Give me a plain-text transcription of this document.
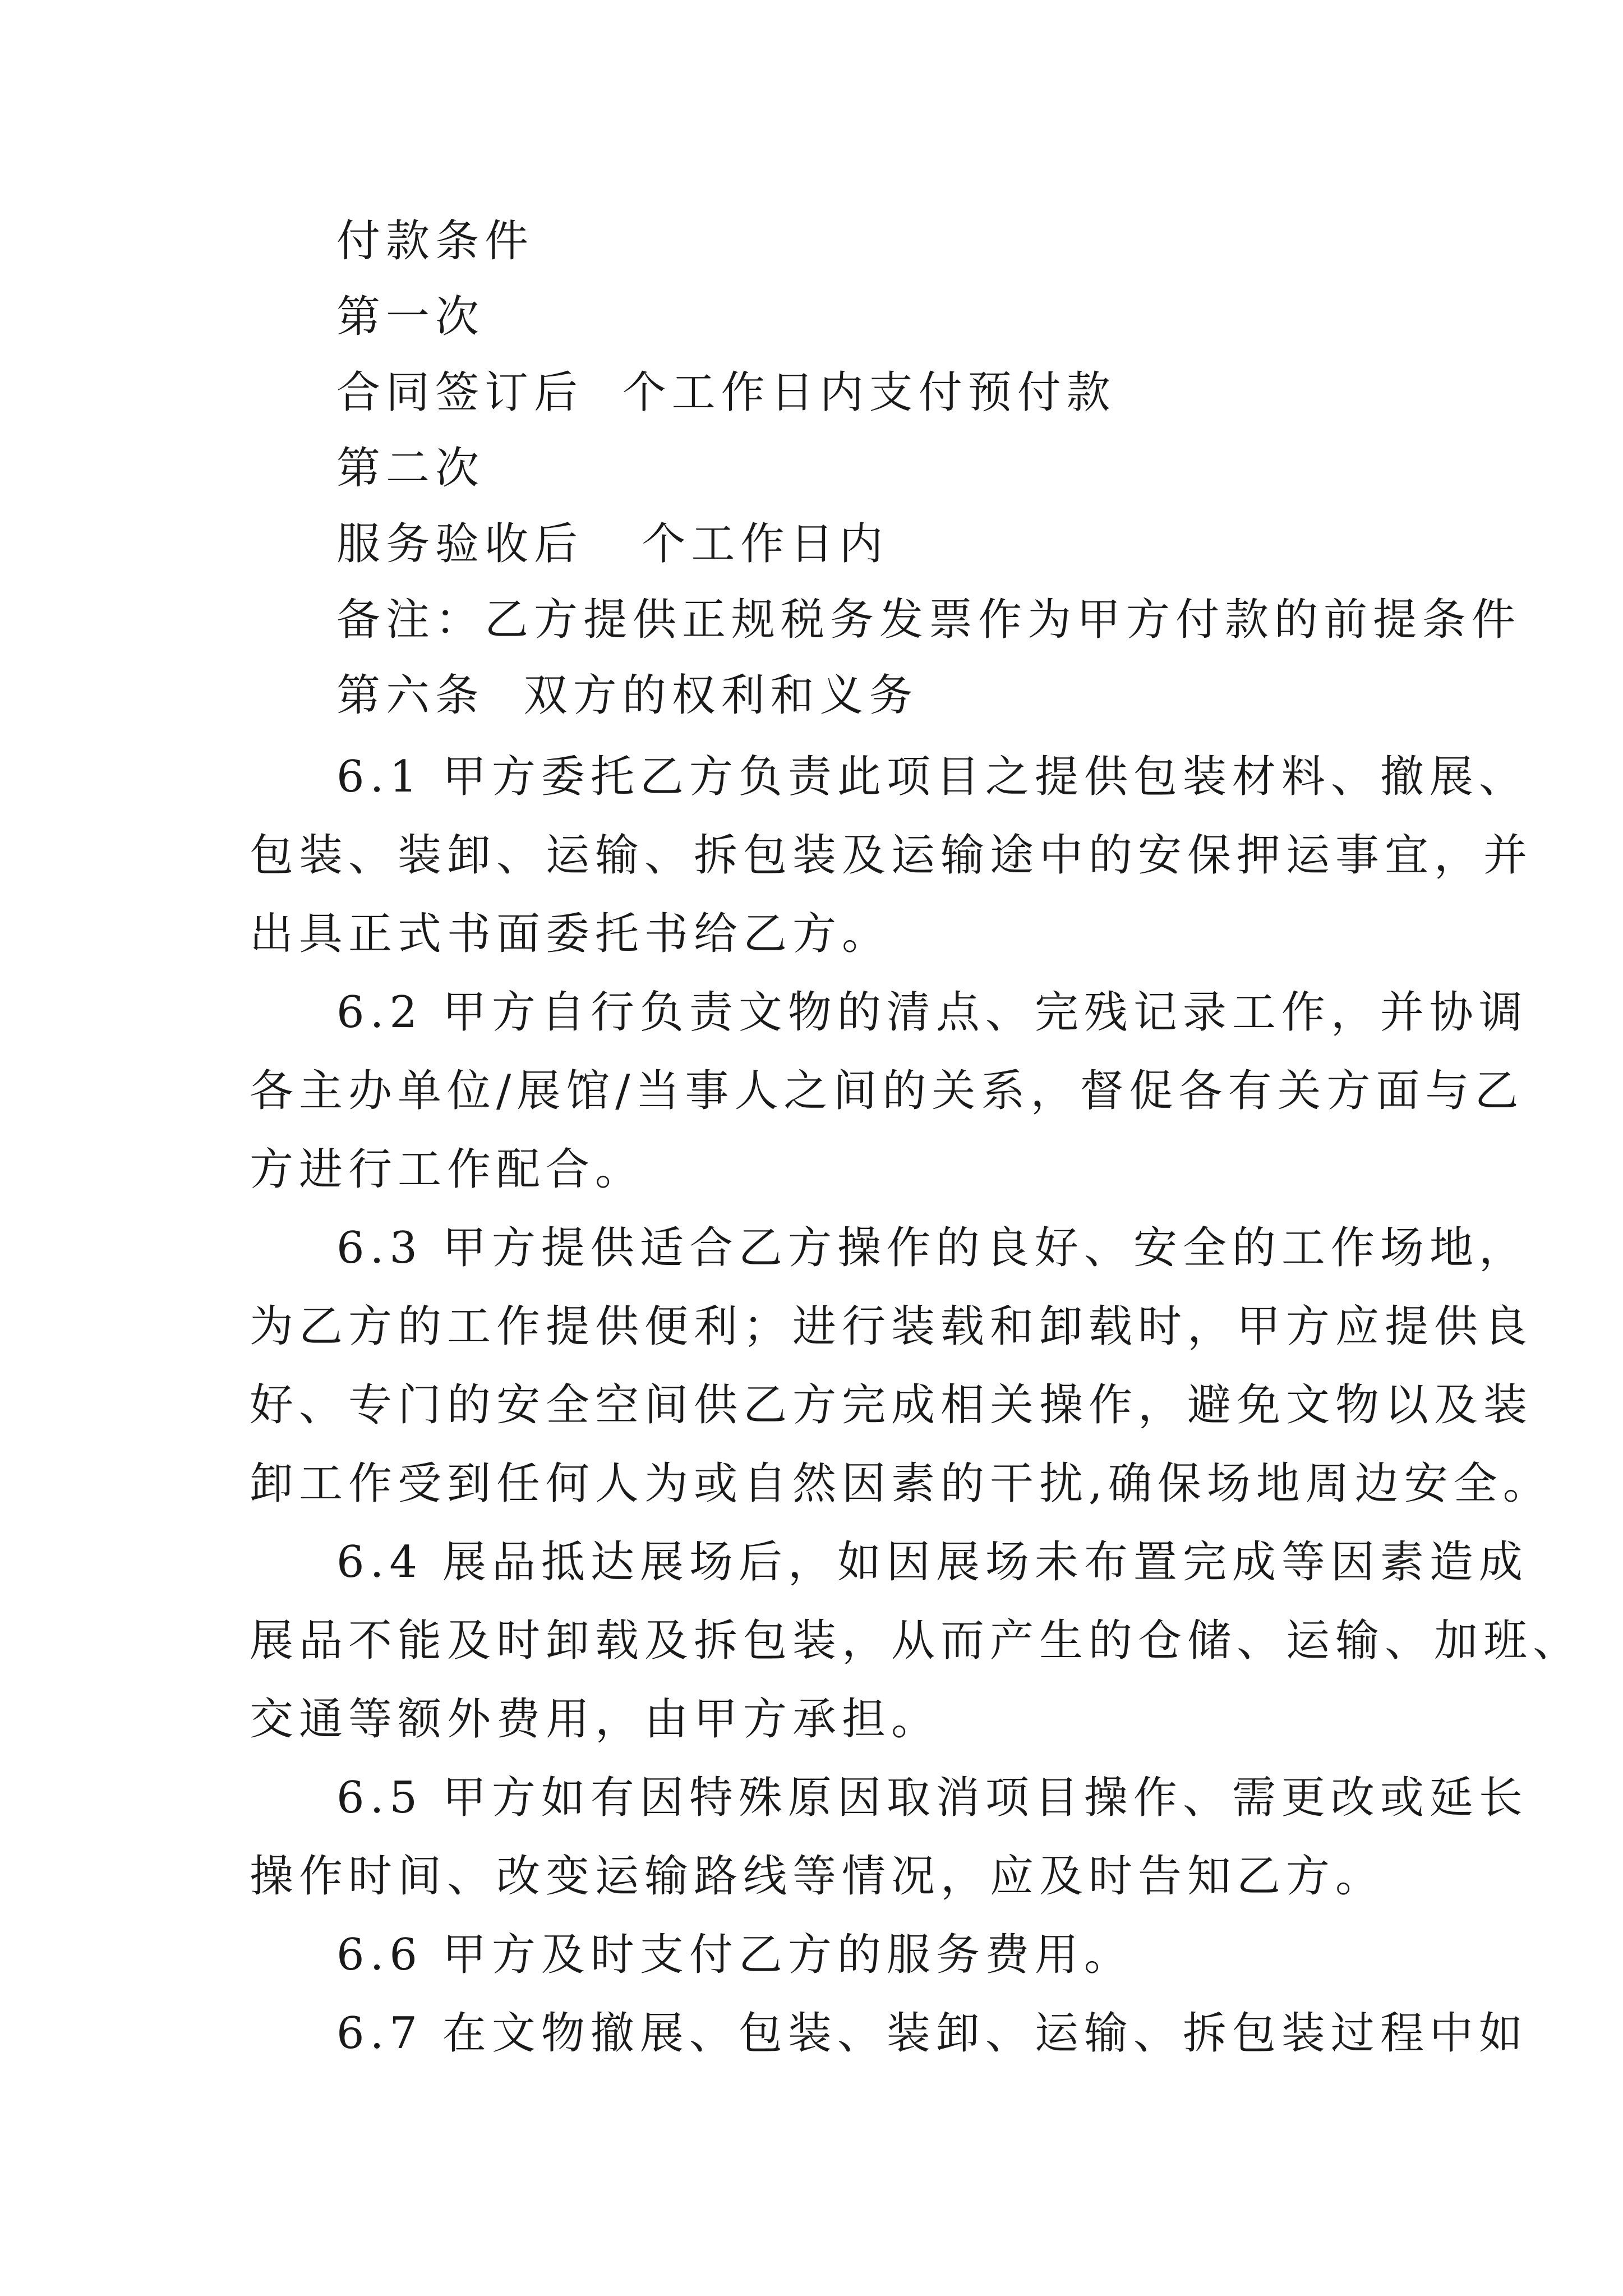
付款条件
第一次
合同签订后  个工作日内支付预付款
第二次
服务验收后   个工作日内
备注：乙方提供正规税务发票作为甲方付款的前提条件
第六条  双方的权利和义务
6.1 甲方委托乙方负责此项目之提供包装材料、撤展、
包装、装卸、运输、拆包装及运输途中的安保押运事宜，并
出具正式书面委托书给乙方。
6.2 甲方自行负责文物的清点、完残记录工作，并协调
各主办单位/展馆/当事人之间的关系，督促各有关方面与乙
方进行工作配合。
6.3 甲方提供适合乙方操作的良好、安全的工作场地，
为乙方的工作提供便利；进行装载和卸载时，甲方应提供良
好、专门的安全空间供乙方完成相关操作，避免文物以及装
卸工作受到任何人为或自然因素的干扰,确保场地周边安全。
6.4 展品抵达展场后，如因展场未布置完成等因素造成
展品不能及时卸载及拆包装，从而产生的仓储、运输、加班、
交通等额外费用，由甲方承担。
6.5 甲方如有因特殊原因取消项目操作、需更改或延长
操作时间、改变运输路线等情况，应及时告知乙方。
6.6 甲方及时支付乙方的服务费用。
6.7 在文物撤展、包装、装卸、运输、拆包装过程中如
